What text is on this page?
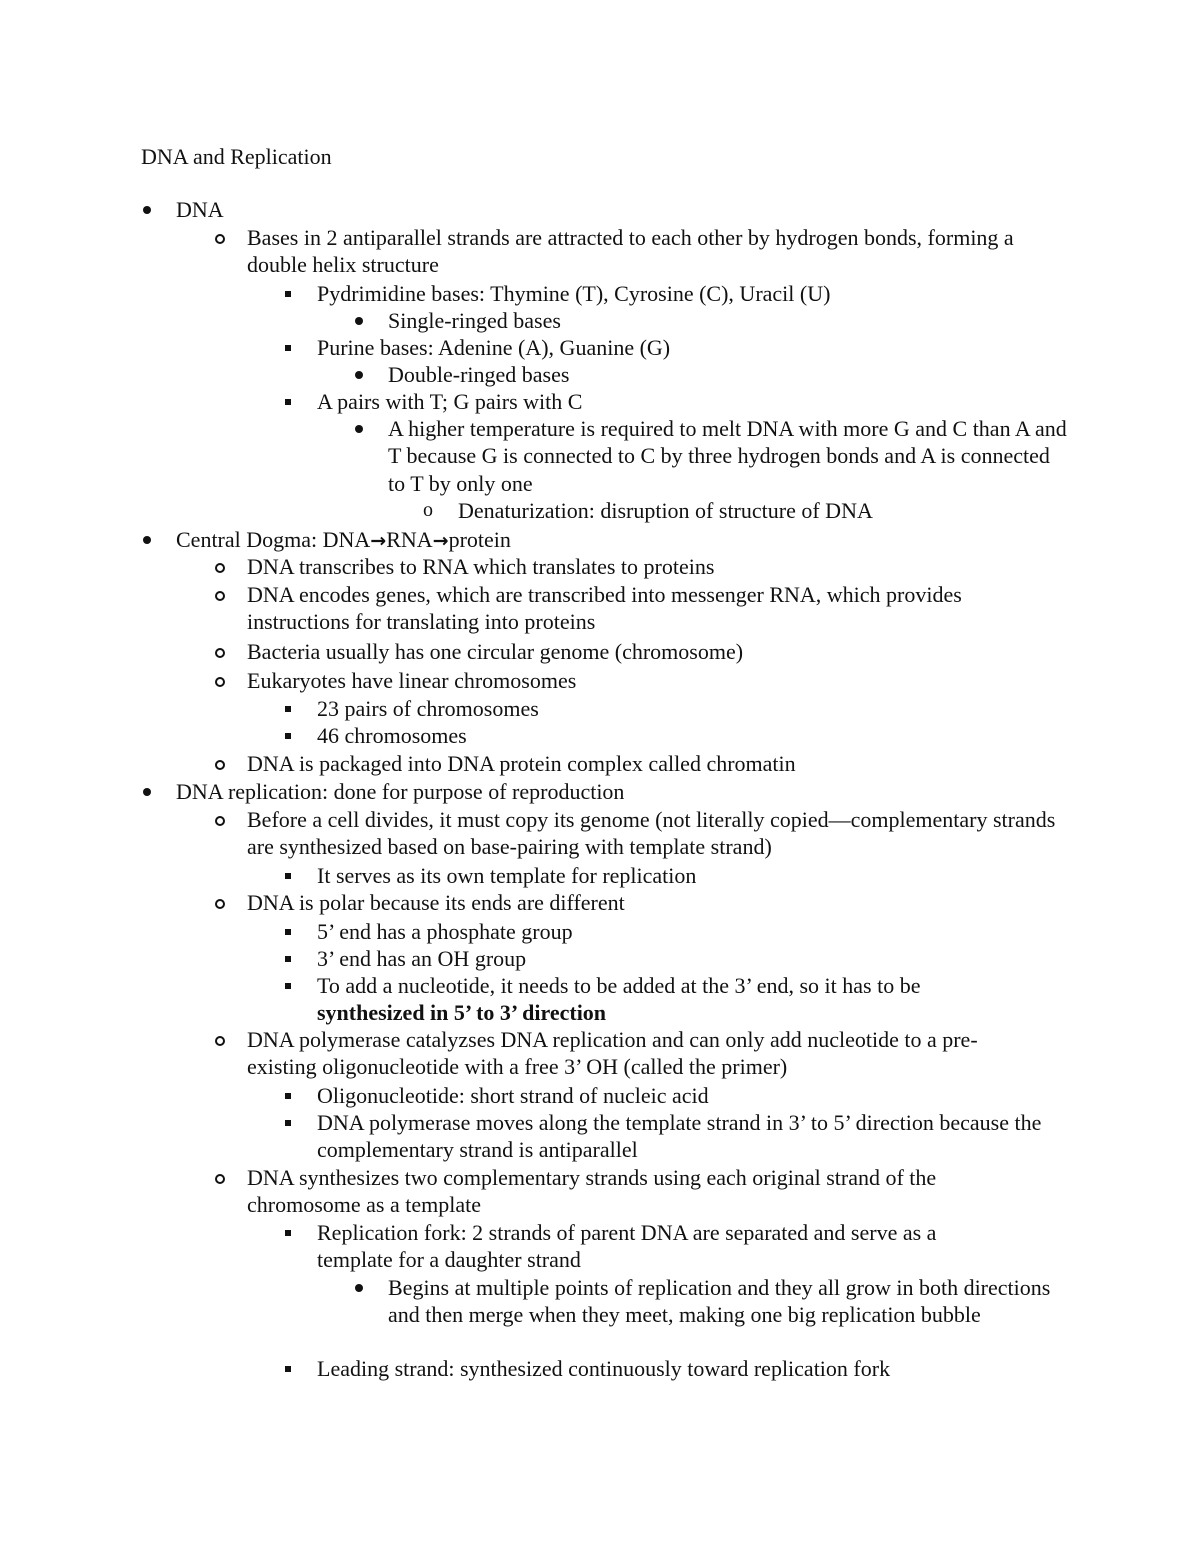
DNA and Replication
DNA
Bases in 2 antiparallel strands are attracted to each other by hydrogen bonds, forming a double helix structure
Pydrimidine bases: Thymine (T), Cyrosine (C), Uracil (U)
Single-ringed bases
Purine bases: Adenine (A), Guanine (G)
Double-ringed bases
A pairs with T; G pairs with C
A higher temperature is required to melt DNA with more G and C than A and T because G is connected to C by three hydrogen bonds and A is connected to T by only one
Denaturization: disruption of structure of DNA
Central Dogma: DNA→RNA→protein
DNA transcribes to RNA which translates to proteins
DNA encodes genes, which are transcribed into messenger RNA, which provides instructions for translating into proteins
Bacteria usually has one circular genome (chromosome)
Eukaryotes have linear chromosomes
23 pairs of chromosomes
46 chromosomes
DNA is packaged into DNA protein complex called chromatin
DNA replication: done for purpose of reproduction
Before a cell divides, it must copy its genome (not literally copied—complementary strands are synthesized based on base-pairing with template strand)
It serves as its own template for replication
DNA is polar because its ends are different
5’ end has a phosphate group
3’ end has an OH group
To add a nucleotide, it needs to be added at the 3’ end, so it has to be
synthesized in 5’ to 3’ direction
DNA polymerase catalyzses DNA replication and can only add nucleotide to a pre-existing oligonucleotide with a free 3’ OH (called the primer)
Oligonucleotide: short strand of nucleic acid
DNA polymerase moves along the template strand in 3’ to 5’ direction because the complementary strand is antiparallel
DNA synthesizes two complementary strands using each original strand of the chromosome as a template
Replication fork: 2 strands of parent DNA are separated and serve as a template for a daughter strand
Begins at multiple points of replication and they all grow in both directions and then merge when they meet, making one big replication bubble
Leading strand: synthesized continuously toward replication fork
